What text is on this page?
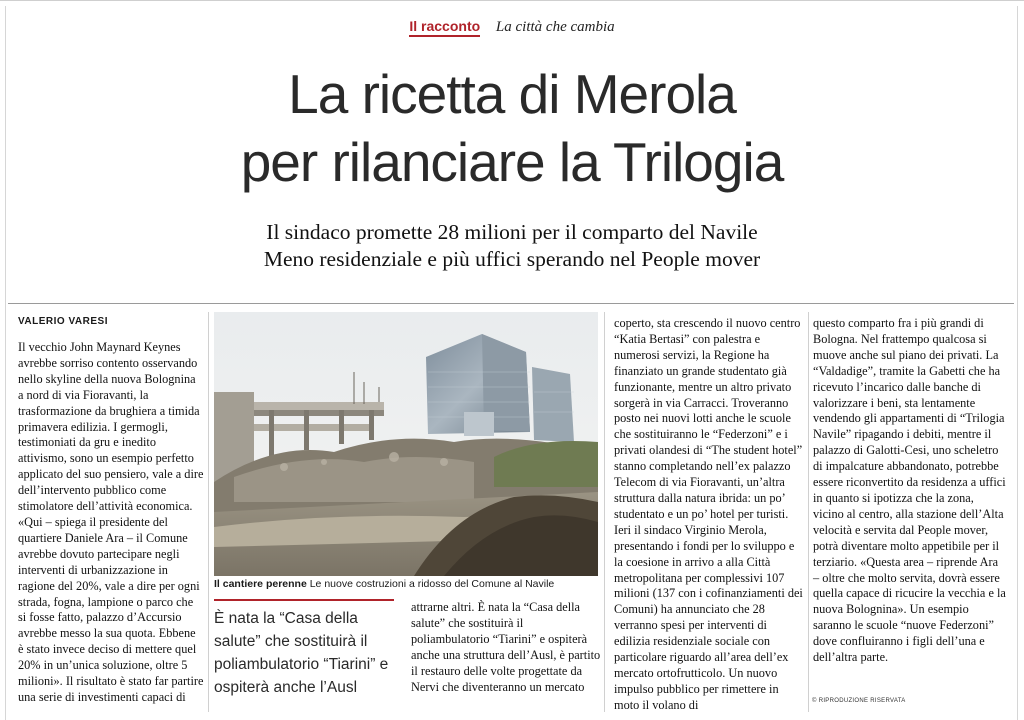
Il racconto La città che cambia
La ricetta di Merola
per rilanciare la Trilogia
Il sindaco promette 28 milioni per il comparto del Navile
Meno residenziale e più uffici sperando nel People mover
VALERIO VARESI

Il vecchio John Maynard Keynes avrebbe sorriso contento osservando nello skyline della nuova Bolognina a nord di via Fioravanti, la trasformazione da brughiera a timida primavera edilizia. I germogli, testimoniati da gru e inedito attivismo, sono un esempio perfetto applicato del suo pensiero, vale a dire dell’intervento pubblico come stimolatore dell’attività economica. «Qui – spiega il presidente del quartiere Daniele Ara – il Comune avrebbe dovuto partecipare negli interventi di urbanizzazione in ragione del 20%, vale a dire per ogni strada, fogna, lampione o parco che si fosse fatto, palazzo d’Accursio avrebbe messo la sua quota. Ebbene è stato invece deciso di mettere quel 20% in un’unica soluzione, oltre 5 milioni». Il risultato è stato far partire una serie di investimenti capaci di

Il cantiere perenne Le nuove costruzioni a ridosso del Comune al Navile
È nata la “Casa della salute” che sostituirà il poliambulatorio “Tiarini” e ospiterà anche l’Ausl

attrarne altri. È nata la “Casa della salute” che sostituirà il poliambulatorio “Tiarini” e ospiterà anche una struttura dell’Ausl, è partito il restauro delle volte progettate da Nervi che diventeranno un mercato

coperto, sta crescendo il nuovo centro “Katia Bertasi” con palestra e numerosi servizi, la Regione ha finanziato un grande studentato già funzionante, mentre un altro privato sorgerà in via Carracci. Troveranno posto nei nuovi lotti anche le scuole che sostituiranno le “Federzoni” e i privati olandesi di “The student hotel” stanno completando nell’ex palazzo Telecom di via Fioravanti, un’altra struttura dalla natura ibrida: un po’ studentato e un po’ hotel per turisti. Ieri il sindaco Virginio Merola, presentando i fondi per lo sviluppo e la coesione in arrivo a alla Città metropolitana per complessivi 107 milioni (137 con i cofinanziamenti dei Comuni) ha annunciato che 28 verranno spesi per interventi di edilizia residenziale sociale con particolare riguardo all’area dell’ex mercato ortofrutticolo. Un nuovo impulso pubblico per rimettere in moto il volano di

questo comparto fra i più grandi di Bologna. Nel frattempo qualcosa si muove anche sul piano dei privati. La “Valdadige”, tramite la Gabetti che ha ricevuto l’incarico dalle banche di valorizzare i beni, sta lentamente vendendo gli appartamenti di “Trilogia Navile” ripagando i debiti, mentre il palazzo di Galotti-Cesi, uno scheletro di impalcature abbandonato, potrebbe essere riconvertito da residenza a uffici in quanto si ipotizza che la zona, vicino al centro, alla stazione dell’Alta velocità e servita dal People mover, potrà diventare molto appetibile per il terziario. «Questa area – riprende Ara – oltre che molto servita, dovrà essere quella capace di ricucire la vecchia e la nuova Bolognina». Un esempio saranno le scuole “nuove Federzoni” dove confluiranno i figli dell’una e dell’altra parte.

© RIPRODUZIONE RISERVATA
